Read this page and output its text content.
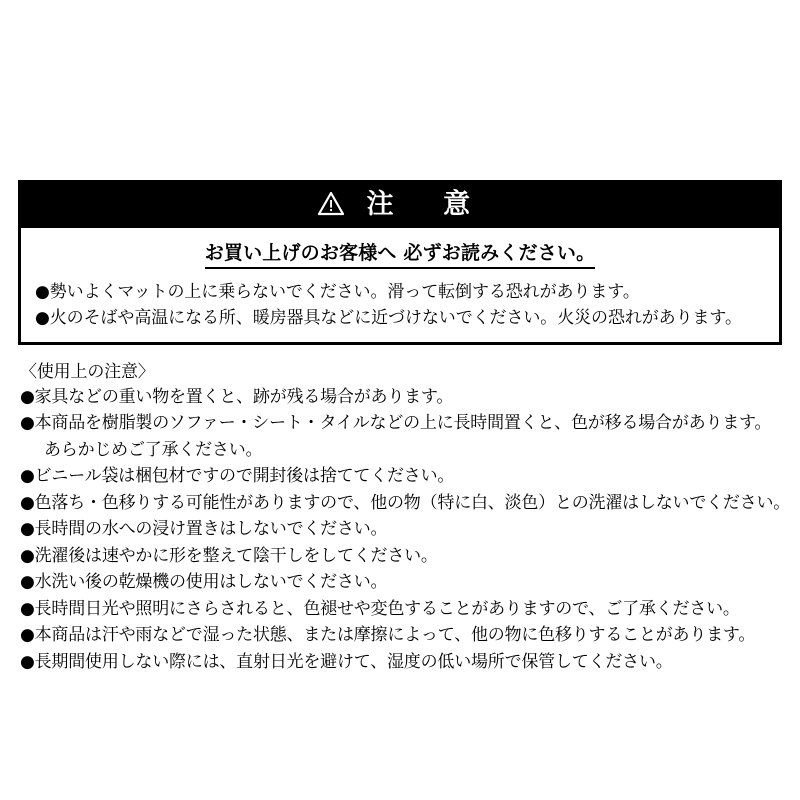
注　意
お買い上げのお客様へ 必ずお読みください。
●勢いよくマットの上に乗らないでください。滑って転倒する恐れがあります。
●火のそばや高温になる所、暖房器具などに近づけないでください。火災の恐れがあります。
〈使用上の注意〉
●家具などの重い物を置くと、跡が残る場合があります。
●本商品を樹脂製のソファー・シート・タイルなどの上に長時間置くと、色が移る場合があります。
あらかじめご了承ください。
●ビニール袋は梱包材ですので開封後は捨ててください。
●色落ち・色移りする可能性がありますので、他の物（特に白、淡色）との洗濯はしないでください。
●長時間の水への浸け置きはしないでください。
●洗濯後は速やかに形を整えて陰干しをしてください。
●水洗い後の乾燥機の使用はしないでください。
●長時間日光や照明にさらされると、色褪せや変色することがありますので、ご了承ください。
●本商品は汗や雨などで湿った状態、または摩擦によって、他の物に色移りすることがあります。
●長期間使用しない際には、直射日光を避けて、湿度の低い場所で保管してください。
